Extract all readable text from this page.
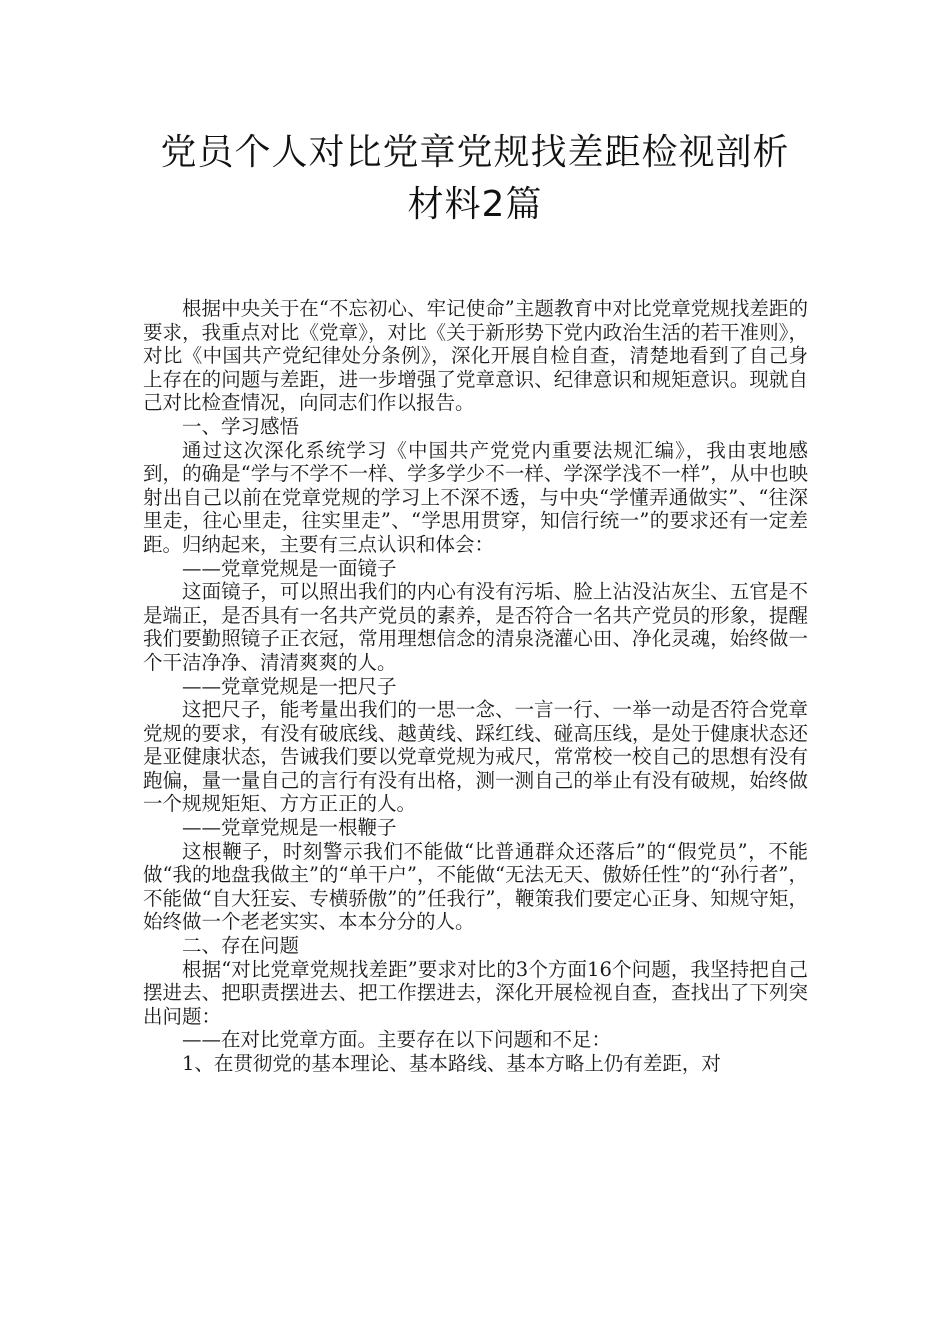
党员个人对比党章党规找差距检视剖析
材料2篇

根据中央关于在“不忘初心、牢记使命”主题教育中对比党章党规找差距的要求，我重点对比《党章》，对比《关于新形势下党内政治生活的若干准则》，对比《中国共产党纪律处分条例》，深化开展自检自查，清楚地看到了自己身上存在的问题与差距，进一步增强了党章意识、纪律意识和规矩意识。现就自己对比检查情况，向同志们作以报告。

一、学习感悟

通过这次深化系统学习《中国共产党党内重要法规汇编》，我由衷地感到，的确是“学与不学不一样、学多学少不一样、学深学浅不一样”，从中也映射出自己以前在党章党规的学习上不深不透，与中央“学懂弄通做实”、“往深里走，往心里走，往实里走”、“学思用贯穿，知信行统一”的要求还有一定差距。归纳起来，主要有三点认识和体会：

——党章党规是一面镜子

这面镜子，可以照出我们的内心有没有污垢、脸上沾没沾灰尘、五官是不是端正，是否具有一名共产党员的素养，是否符合一名共产党员的形象，提醒我们要勤照镜子正衣冠，常用理想信念的清泉浇灌心田、净化灵魂，始终做一个干洁净净、清清爽爽的人。

——党章党规是一把尺子

这把尺子，能考量出我们的一思一念、一言一行、一举一动是否符合党章党规的要求，有没有破底线、越黄线、踩红线、碰高压线，是处于健康状态还是亚健康状态，告诫我们要以党章党规为戒尺，常常校一校自己的思想有没有跑偏，量一量自己的言行有没有出格，测一测自己的举止有没有破规，始终做一个规规矩矩、方方正正的人。

——党章党规是一根鞭子

这根鞭子，时刻警示我们不能做“比普通群众还落后”的“假党员”，不能做“我的地盘我做主”的“单干户”，不能做“无法无天、傲娇任性”的“孙行者”，不能做“自大狂妄、专横骄傲”的”任我行”，鞭策我们要定心正身、知规守矩，始终做一个老老实实、本本分分的人。

二、存在问题

根据“对比党章党规找差距”要求对比的3个方面16个问题，我坚持把自己摆进去、把职责摆进去、把工作摆进去，深化开展检视自查，查找出了下列突出问题：

——在对比党章方面。主要存在以下问题和不足：

1、在贯彻党的基本理论、基本路线、基本方略上仍有差距，对
